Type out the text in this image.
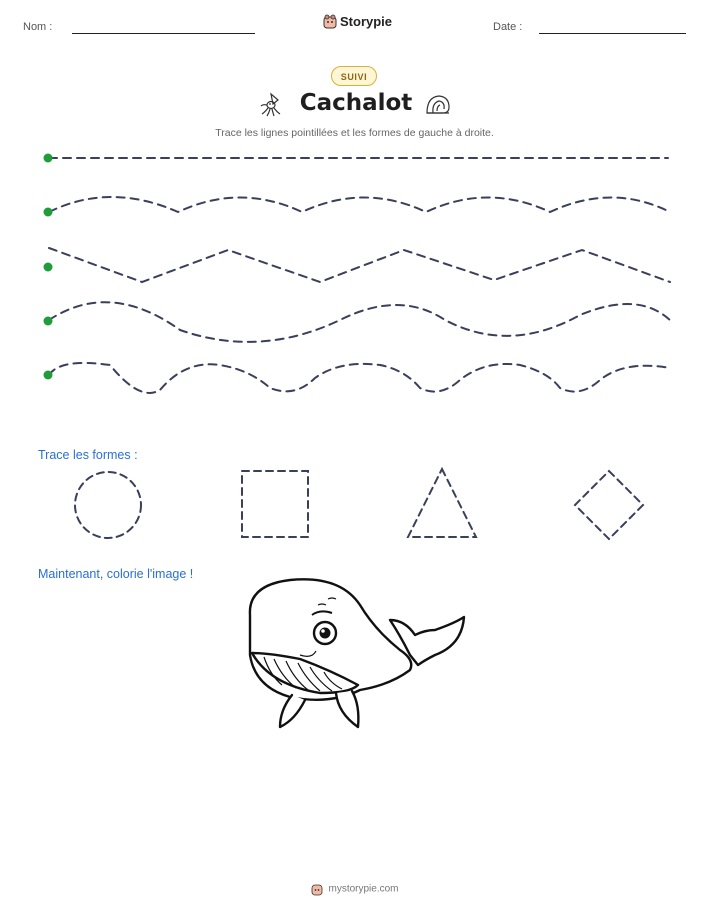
Nom :	Storypie	Date :
SUIVI
Cachalot
Trace les lignes pointillées et les formes de gauche à droite.
Trace les formes :
Maintenant, colorie l'image !
mystorypie.com
